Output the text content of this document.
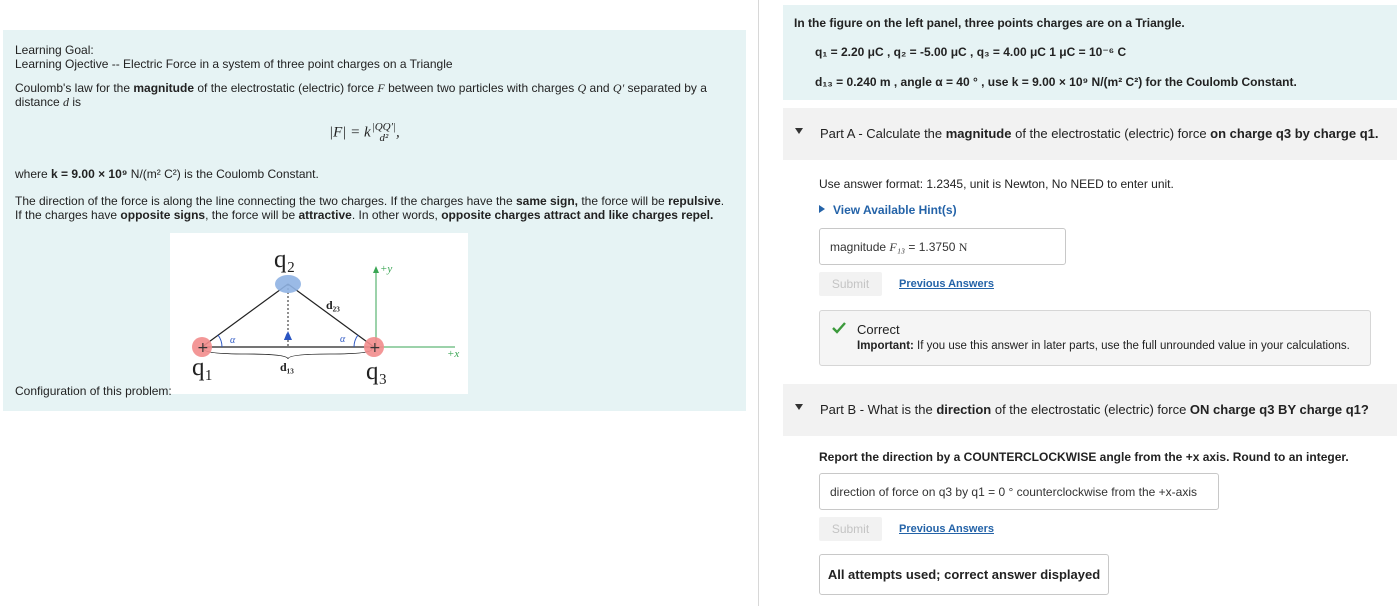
Learning Goal:
Learning Ojective -- Electric Force in a system of three point charges on a Triangle
Coulomb's law for the magnitude of the electrostatic (electric) force F between two particles with charges Q and Q′ separated by a distance d is
|F| = k |QQ′|
d² ,
where k = 9.00 × 10⁹ N/(m² C²) is the Coulomb Constant.
The direction of the force is along the line connecting the two charges. If the charges have the same sign, the force will be repulsive. If the charges have opposite signs, the force will be attractive. In other words, opposite charges attract and like charges repel.
+y
+x
A
α	α
+	+
q₂
q₁	q₃
d₂₃
d₁₃
Configuration of this problem:
In the figure on the left panel, three points charges are on a Triangle.
q₁ = 2.20 μC , q₂ = -5.00 μC , q₃ = 4.00 μC 1 μC = 10⁻⁶ C
d₁₃ = 0.240 m , angle α = 40 ° , use k = 9.00 × 10⁹ N/(m² C²) for the Coulomb Constant.
Part A - Calculate the magnitude of the electrostatic (electric) force on charge q3 by charge q1.
Use answer format: 1.2345, unit is Newton, No NEED to enter unit.
View Available Hint(s)
magnitude F₁₃ = 1.3750 N
Submit	Previous Answers
Correct
Important: If you use this answer in later parts, use the full unrounded value in your calculations.
Part B - What is the direction of the electrostatic (electric) force ON charge q3 BY charge q1?
Report the direction by a COUNTERCLOCKWISE angle from the +x axis. Round to an integer.
direction of force on q3 by q1 = 0 ° counterclockwise from the +x-axis
Submit	Previous Answers
All attempts used; correct answer displayed
